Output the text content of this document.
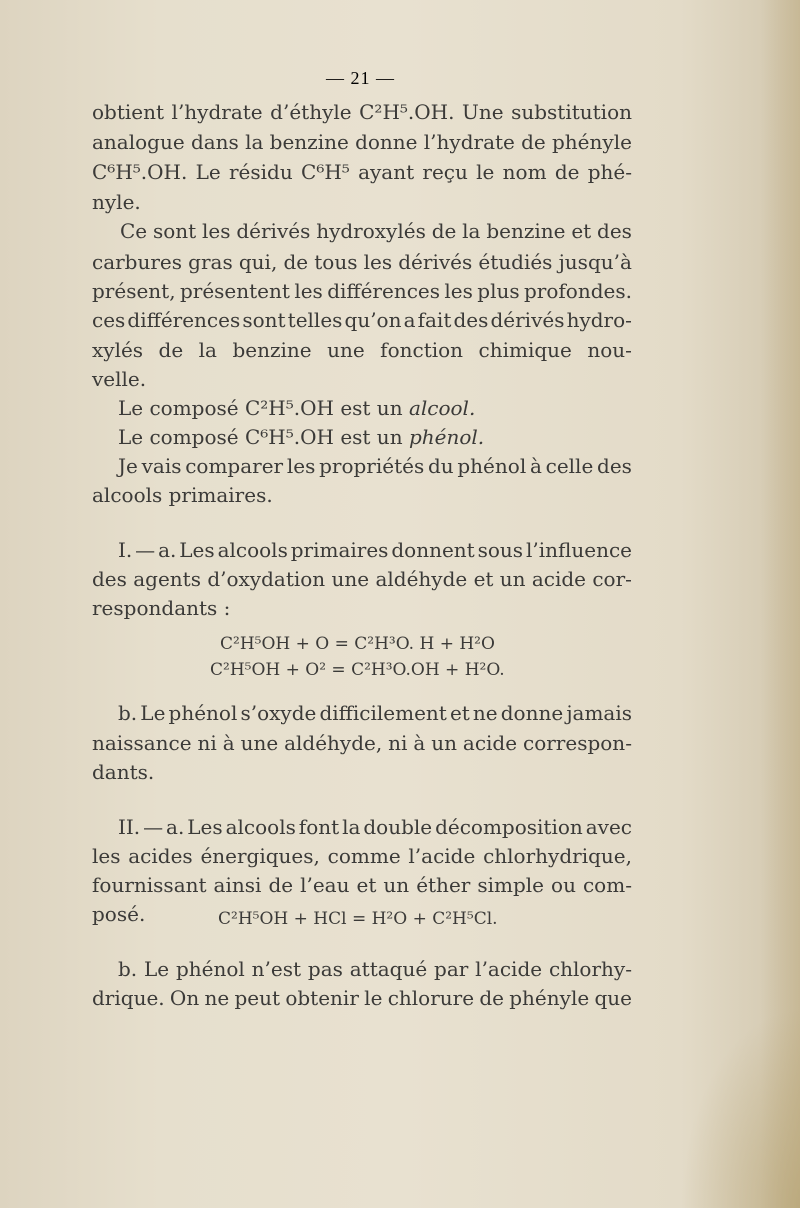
— 21 —
obtient l’hydrate d’éthyle C²H⁵.OH. Une substitution
analogue dans la benzine donne l’hydrate de phényle
C⁶H⁵.OH. Le résidu C⁶H⁵ ayant reçu le nom de phé-
nyle.
Ce sont les dérivés hydroxylés de la benzine et des
carbures gras qui, de tous les dérivés étudiés jusqu’à
présent, présentent les différences les plus profondes.
ces différences sont telles qu’on a fait des dérivés hydro-
xylés de la benzine une fonction chimique nou-
velle.
Le composé C²H⁵.OH est un alcool.
Le composé C⁶H⁵.OH est un phénol.
Je vais comparer les propriétés du phénol à celle des
alcools primaires.
I. — a. Les alcools primaires donnent sous l’influence
des agents d’oxydation une aldéhyde et un acide cor-
respondants :
C²H⁵OH + O = C²H³O. H + H²O
C²H⁵OH + O² = C²H³O.OH + H²O.
b. Le phénol s’oxyde difficilement et ne donne jamais
naissance ni à une aldéhyde, ni à un acide correspon-
dants.
II. — a. Les alcools font la double décomposition avec
les acides énergiques, comme l’acide chlorhydrique,
fournissant ainsi de l’eau et un éther simple ou com-
posé.	C²H⁵OH + HCl = H²O + C²H⁵Cl.
b. Le phénol n’est pas attaqué par l’acide chlorhy-
drique. On ne peut obtenir le chlorure de phényle que
